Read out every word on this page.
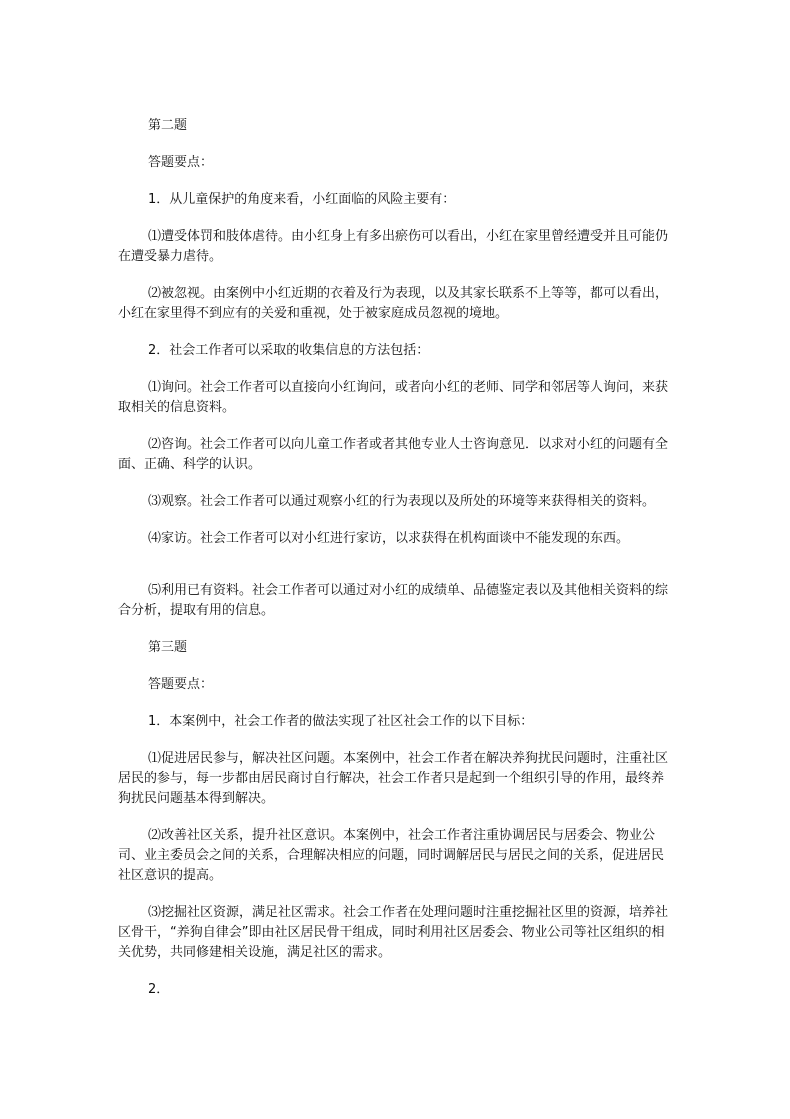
第二题

答题要点：

1．从儿童保护的角度来看，小红面临的风险主要有：

⑴遭受体罚和肢体虐待。由小红身上有多出瘀伤可以看出，小红在家里曾经遭受并且可能仍在遭受暴力虐待。

⑵被忽视。由案例中小红近期的衣着及行为表现，以及其家长联系不上等等，都可以看出，小红在家里得不到应有的关爱和重视，处于被家庭成员忽视的境地。

2．社会工作者可以采取的收集信息的方法包括：

⑴询问。社会工作者可以直接向小红询问，或者向小红的老师、同学和邻居等人询问，来获取相关的信息资料。

⑵咨询。社会工作者可以向儿童工作者或者其他专业人士咨询意见．以求对小红的问题有全面、正确、科学的认识。

⑶观察。社会工作者可以通过观察小红的行为表现以及所处的环境等来获得相关的资料。

⑷家访。社会工作者可以对小红进行家访，以求获得在机构面谈中不能发现的东西。

⑸利用已有资料。社会工作者可以通过对小红的成绩单、品德鉴定表以及其他相关资料的综合分析，提取有用的信息。

第三题

答题要点：

1．本案例中，社会工作者的做法实现了社区社会工作的以下目标：

⑴促进居民参与，解决社区问题。本案例中，社会工作者在解决养狗扰民问题时，注重社区居民的参与，每一步都由居民商讨自行解决，社会工作者只是起到一个组织引导的作用，最终养狗扰民问题基本得到解决。

⑵改善社区关系，提升社区意识。本案例中，社会工作者注重协调居民与居委会、物业公司、业主委员会之间的关系，合理解决相应的问题，同时调解居民与居民之间的关系，促进居民社区意识的提高。

⑶挖掘社区资源，满足社区需求。社会工作者在处理问题时注重挖掘社区里的资源，培养社区骨干，“养狗自律会”即由社区居民骨干组成，同时利用社区居委会、物业公司等社区组织的相关优势，共同修建相关设施，满足社区的需求。

2．
